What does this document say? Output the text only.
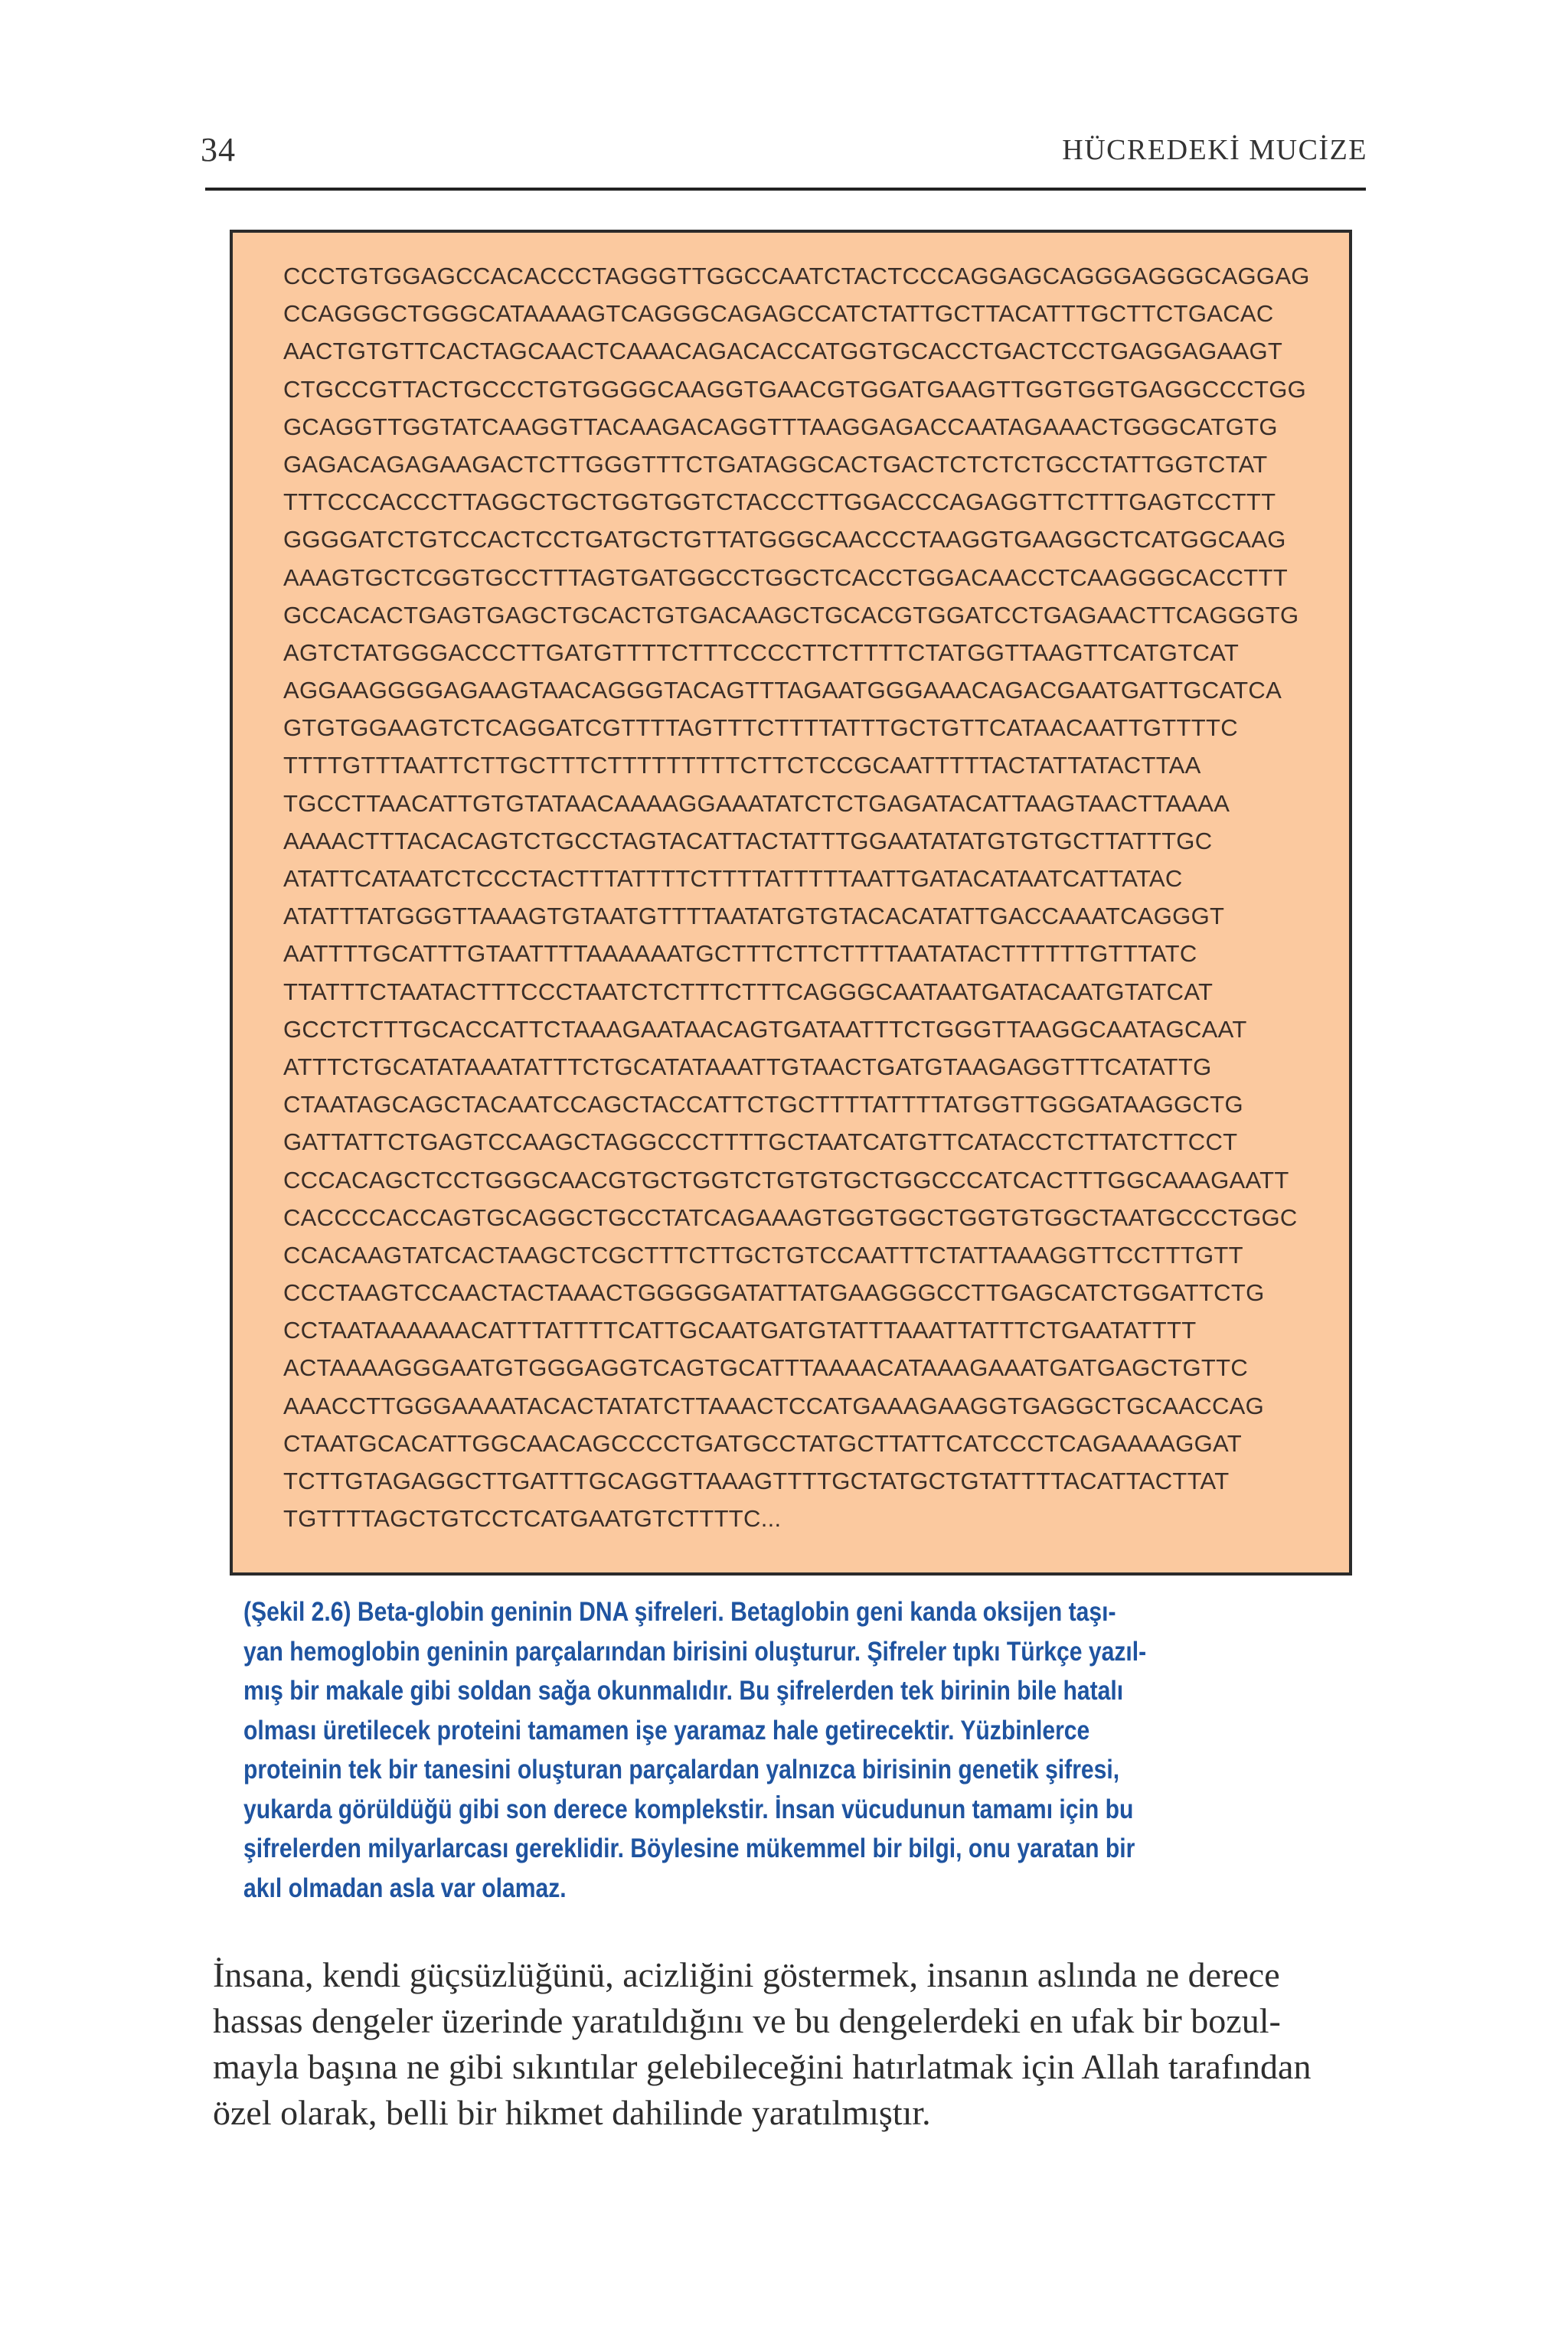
34	HÜCREDEKİ MUCİZE
CCCTGTGGAGCCACACCCTAGGGTTGGCCAATCTACTCCCAGGAGCAGGGAGGGCAGGAG
CCAGGGCTGGGCATAAAAGTCAGGGCAGAGCCATCTATTGCTTACATTTGCTTCTGACAC
AACTGTGTTCACTAGCAACTCAAACAGACACCATGGTGCACCTGACTCCTGAGGAGAAGT
CTGCCGTTACTGCCCTGTGGGGCAAGGTGAACGTGGATGAAGTTGGTGGTGAGGCCCTGG
GCAGGTTGGTATCAAGGTTACAAGACAGGTTTAAGGAGACCAATAGAAACTGGGCATGTG
GAGACAGAGAAGACTCTTGGGTTTCTGATAGGCACTGACTCTCTCTGCCTATTGGTCTAT
TTTCCCACCCTTAGGCTGCTGGTGGTCTACCCTTGGACCCAGAGGTTCTTTGAGTCCTTT
GGGGATCTGTCCACTCCTGATGCTGTTATGGGCAACCCTAAGGTGAAGGCTCATGGCAAG
AAAGTGCTCGGTGCCTTTAGTGATGGCCTGGCTCACCTGGACAACCTCAAGGGCACCTTT
GCCACACTGAGTGAGCTGCACTGTGACAAGCTGCACGTGGATCCTGAGAACTTCAGGGTG
AGTCTATGGGACCCTTGATGTTTTCTTTCCCCTTCTTTTCTATGGTTAAGTTCATGTCAT
AGGAAGGGGAGAAGTAACAGGGTACAGTTTAGAATGGGAAACAGACGAATGATTGCATCA
GTGTGGAAGTCTCAGGATCGTTTTAGTTTCTTTTATTTGCTGTTCATAACAATTGTTTTC
TTTTGTTTAATTCTTGCTTTCTTTTTTTTTCTTCTCCGCAATTTTTACTATTATACTTAA
TGCCTTAACATTGTGTATAACAAAAGGAAATATCTCTGAGATACATTAAGTAACTTAAAA
AAAACTTTACACAGTCTGCCTAGTACATTACTATTTGGAATATATGTGTGCTTATTTGC
ATATTCATAATCTCCCTACTTTATTTTCTTTTATTTTTAATTGATACATAATCATTATAC
ATATTTATGGGTTAAAGTGTAATGTTTTAATATGTGTACACATATTGACCAAATCAGGGT
AATTTTGCATTTGTAATTTTAAAAAATGCTTTCTTCTTTTAATATACTTTTTTGTTTATC
TTATTTCTAATACTTTCCCTAATCTCTTTCTTTCAGGGCAATAATGATACAATGTATCAT
GCCTCTTTGCACCATTCTAAAGAATAACAGTGATAATTTCTGGGTTAAGGCAATAGCAAT
ATTTCTGCATATAAATATTTCTGCATATAAATTGTAACTGATGTAAGAGGTTTCATATTG
CTAATAGCAGCTACAATCCAGCTACCATTCTGCTTTTATTTTATGGTTGGGATAAGGCTG
GATTATTCTGAGTCCAAGCTAGGCCCTTTTGCTAATCATGTTCATACCTCTTATCTTCCT
CCCACAGCTCCTGGGCAACGTGCTGGTCTGTGTGCTGGCCCATCACTTTGGCAAAGAATT
CACCCCACCAGTGCAGGCTGCCTATCAGAAAGTGGTGGCTGGTGTGGCTAATGCCCTGGC
CCACAAGTATCACTAAGCTCGCTTTCTTGCTGTCCAATTTCTATTAAAGGTTCCTTTGTT
CCCTAAGTCCAACTACTAAACTGGGGGATATTATGAAGGGCCTTGAGCATCTGGATTCTG
CCTAATAAAAAACATTTATTTTCATTGCAATGATGTATTTAAATTATTTCTGAATATTTT
ACTAAAAGGGAATGTGGGAGGTCAGTGCATTTAAAACATAAAGAAATGATGAGCTGTTC
AAACCTTGGGAAAATACACTATATCTTAAACTCCATGAAAGAAGGTGAGGCTGCAACCAG
CTAATGCACATTGGCAACAGCCCCTGATGCCTATGCTTATTCATCCCTCAGAAAAGGAT
TCTTGTAGAGGCTTGATTTGCAGGTTAAAGTTTTGCTATGCTGTATTTTACATTACTTAT
TGTTTTAGCTGTCCTCATGAATGTCTTTTC...
(Şekil 2.6) Beta-globin geninin DNA şifreleri. Betaglobin geni kanda oksijen taşı-
yan hemoglobin geninin parçalarından birisini oluşturur. Şifreler tıpkı Türkçe yazıl-
mış bir makale gibi soldan sağa okunmalıdır. Bu şifrelerden tek birinin bile hatalı
olması üretilecek proteini tamamen işe yaramaz hale getirecektir. Yüzbinlerce
proteinin tek bir tanesini oluşturan parçalardan yalnızca birisinin genetik şifresi,
yukarda görüldüğü gibi son derece komplekstir. İnsan vücudunun tamamı için bu
şifrelerden milyarlarcası gereklidir. Böylesine mükemmel bir bilgi, onu yaratan bir
akıl olmadan asla var olamaz.
İnsana, kendi güçsüzlüğünü, acizliğini göstermek, insanın aslında ne derece
hassas dengeler üzerinde yaratıldığını ve bu dengelerdeki en ufak bir bozul-
mayla başına ne gibi sıkıntılar gelebileceğini hatırlatmak için Allah tarafından
özel olarak, belli bir hikmet dahilinde yaratılmıştır.
